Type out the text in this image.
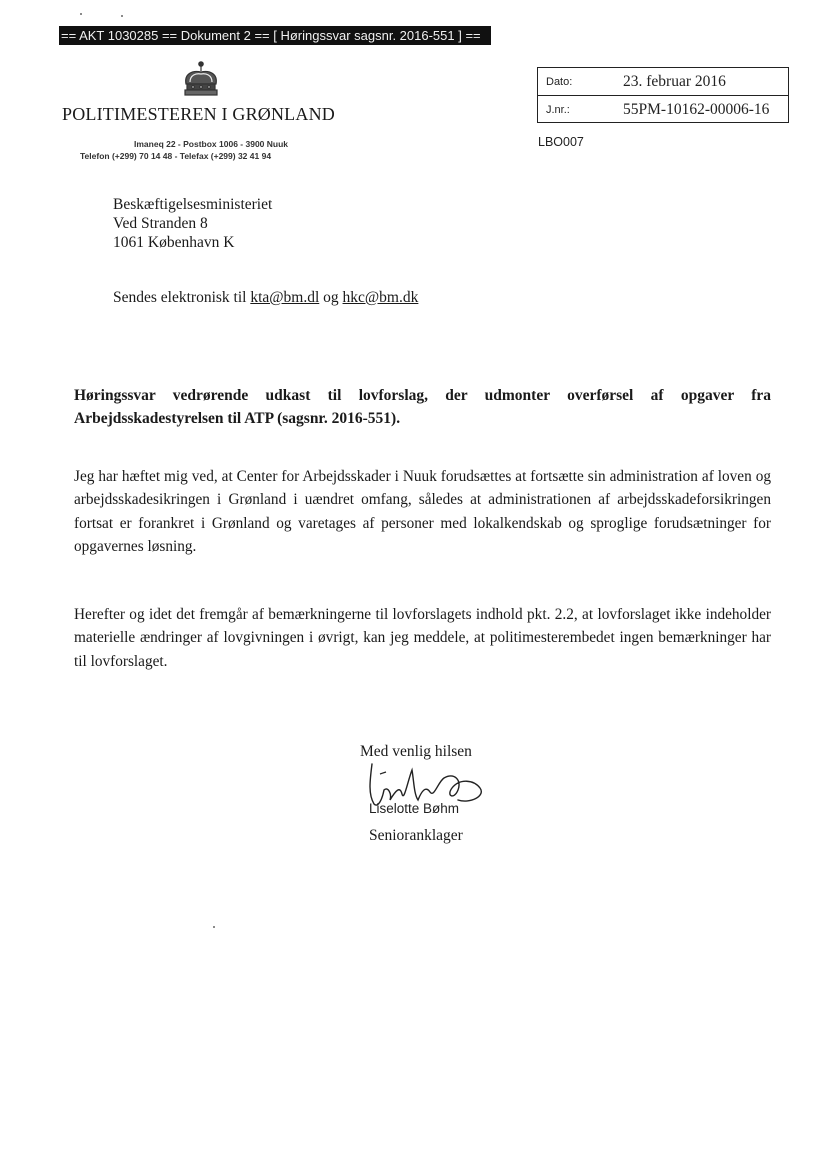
== AKT 1030285 == Dokument 2 == [ Høringssvar sagsnr. 2016-551 ] ==
POLITIMESTEREN I GRØNLAND
Imaneq 22 - Postbox 1006 - 3900 Nuuk
Telefon (+299) 70 14 48 - Telefax (+299) 32 41 94
Dato:	23. februar 2016
J.nr.:	55PM-10162-00006-16
LBO007
Beskæftigelsesministeriet
Ved Stranden 8
1061 København K
Sendes elektronisk til kta@bm.dl og hkc@bm.dk
Høringssvar vedrørende udkast til lovforslag, der udmonter overførsel af opgaver fra Arbejdsskadestyrelsen til ATP (sagsnr. 2016-551).
Jeg har hæftet mig ved, at Center for Arbejdsskader i Nuuk forudsættes at fortsætte sin administration af loven og arbejdsskadesikringen i Grønland i uændret omfang, således at administrationen af arbejdsskadeforsikringen fortsat er forankret i Grønland og varetages af personer med lokalkendskab og sproglige forudsætninger for opgavernes løsning.
Herefter og idet det fremgår af bemærkningerne til lovforslagets indhold pkt. 2.2, at lovforslaget ikke indeholder materielle ændringer af lovgivningen i øvrigt, kan jeg meddele, at politimesterembedet ingen bemærkninger har til lovforslaget.
Med venlig hilsen
Liselotte Bøhm
Senioranklager
